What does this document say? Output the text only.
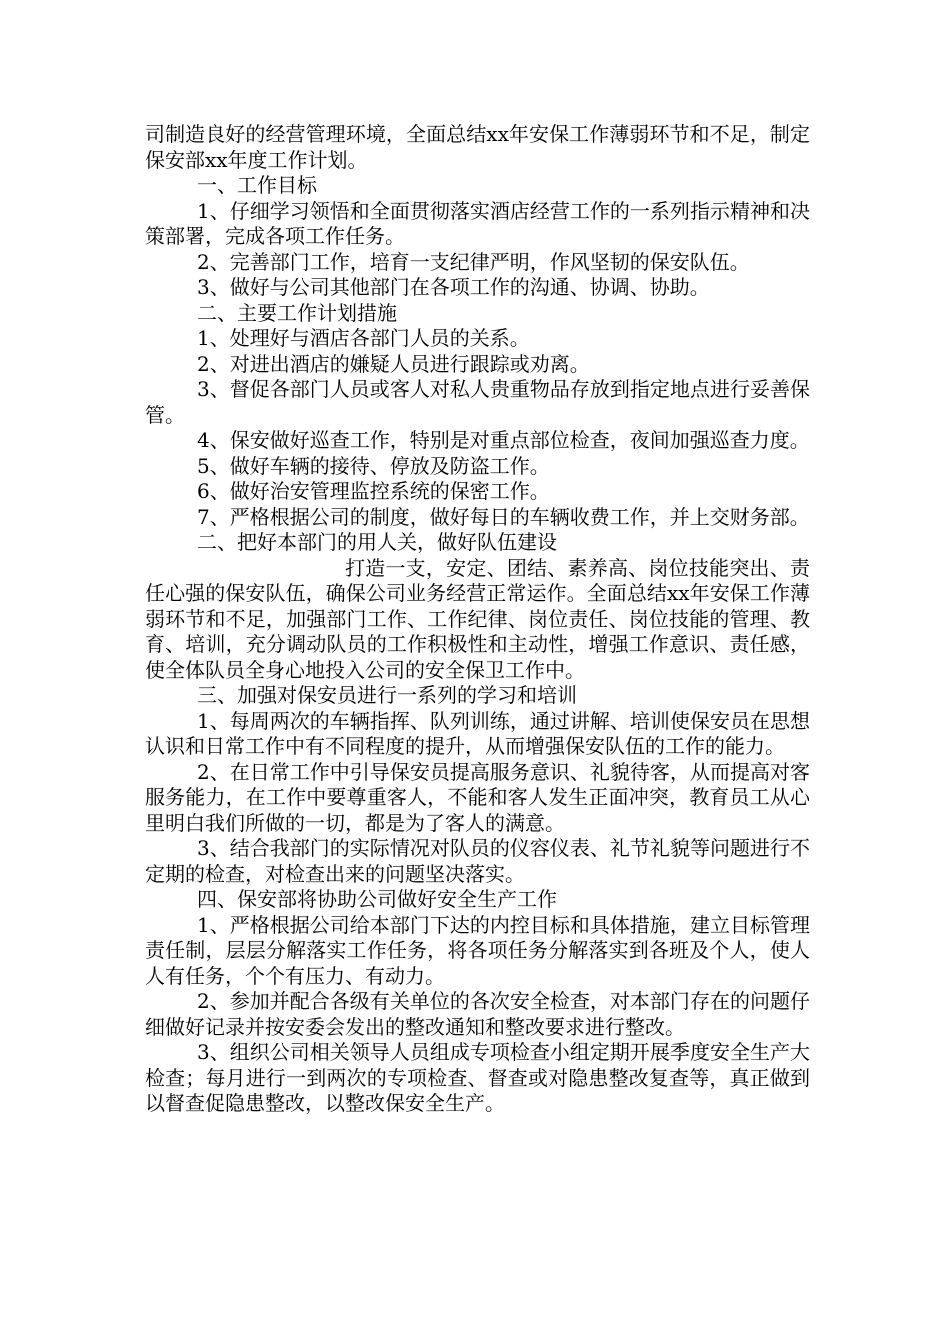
司制造良好的经营管理环境，全面总结xx年安保工作薄弱环节和不足，制定保安部xx年度工作计划。

一、工作目标

1、仔细学习领悟和全面贯彻落实酒店经营工作的一系列指示精神和决策部署，完成各项工作任务。

2、完善部门工作，培育一支纪律严明，作风坚韧的保安队伍。

3、做好与公司其他部门在各项工作的沟通、协调、协助。

二、主要工作计划措施

1、处理好与酒店各部门人员的关系。

2、对进出酒店的嫌疑人员进行跟踪或劝离。

3、督促各部门人员或客人对私人贵重物品存放到指定地点进行妥善保管。

4、保安做好巡查工作，特别是对重点部位检查，夜间加强巡查力度。

5、做好车辆的接待、停放及防盗工作。

6、做好治安管理监控系统的保密工作。

7、严格根据公司的制度，做好每日的车辆收费工作，并上交财务部。

二、把好本部门的用人关，做好队伍建设

打造一支，安定、团结、素养高、岗位技能突出、责任心强的保安队伍，确保公司业务经营正常运作。全面总结xx年安保工作薄弱环节和不足，加强部门工作、工作纪律、岗位责任、岗位技能的管理、教育、培训，充分调动队员的工作积极性和主动性，增强工作意识、责任感，使全体队员全身心地投入公司的安全保卫工作中。

三、加强对保安员进行一系列的学习和培训

1、每周两次的车辆指挥、队列训练，通过讲解、培训使保安员在思想认识和日常工作中有不同程度的提升，从而增强保安队伍的工作的能力。

2、在日常工作中引导保安员提高服务意识、礼貌待客，从而提高对客服务能力，在工作中要尊重客人，不能和客人发生正面冲突，教育员工从心里明白我们所做的一切，都是为了客人的满意。

3、结合我部门的实际情况对队员的仪容仪表、礼节礼貌等问题进行不定期的检查，对检查出来的问题坚决落实。

四、保安部将协助公司做好安全生产工作

1、严格根据公司给本部门下达的内控目标和具体措施，建立目标管理责任制，层层分解落实工作任务，将各项任务分解落实到各班及个人，使人人有任务，个个有压力、有动力。

2、参加并配合各级有关单位的各次安全检查，对本部门存在的问题仔细做好记录并按安委会发出的整改通知和整改要求进行整改。

3、组织公司相关领导人员组成专项检查小组定期开展季度安全生产大检查；每月进行一到两次的专项检查、督查或对隐患整改复查等，真正做到以督查促隐患整改，以整改保安全生产。
